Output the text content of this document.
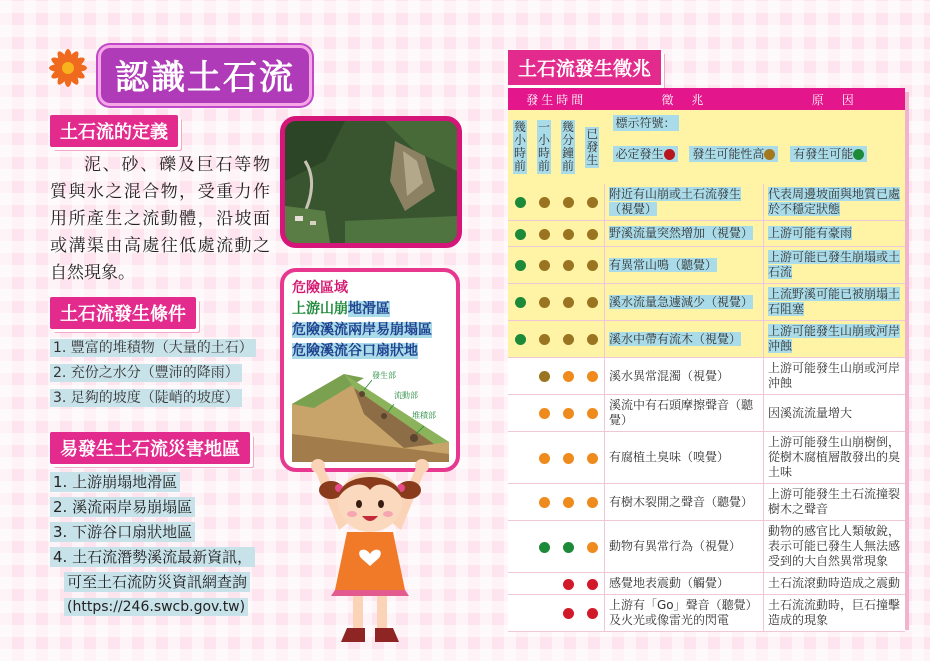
認識土石流
土石流的定義
泥、砂、礫及巨石等物質與水之混合物，受重力作用所產生之流動體，沿坡面或溝渠由高處往低處流動之自然現象。
土石流發生條件
1. 豐富的堆積物（大量的土石）
2. 充份之水分（豐沛的降雨）
3. 足夠的坡度（陡峭的坡度）
易發生土石流災害地區
1. 上游崩塌地滑區
2. 溪流兩岸易崩塌區
3. 下游谷口扇狀地區
4. 土石流潛勢溪流最新資訊，
可至土石流防災資訊網查詢
(https://246.swcb.gov.tw)
危險區域
上游山崩地滑區
危險溪流兩岸易崩塌區
危險溪流谷口扇狀地
發生部
流動部
堆積部
土石流發生徵兆
發生時間				徵　兆	原　因
幾小時前	一小時前	幾分鐘前	已發生	標示符號：
必定發生 發生可能性高 有發生可能	

				附近有山崩或土石流發生（視覺）	代表周邊坡面與地質已處於不穩定狀態
				野溪流量突然增加（視覺）	上游可能有豪雨
				有異常山鳴（聽覺）	上游可能已發生崩塌或土石流
				溪水流量急遽減少（視覺）	上流野溪可能已被崩塌土石阻塞
				溪水中帶有流木（視覺）	上游可能發生山崩或河岸沖蝕
				溪水異常混濁（視覺）	上游可能發生山崩或河岸沖蝕
				溪流中有石頭摩擦聲音（聽覺）	因溪流流量增大
				有腐植土臭味（嗅覺）	上游可能發生山崩樹倒，從樹木腐植層散發出的臭土味
				有樹木裂開之聲音（聽覺）	上游可能發生土石流撞裂樹木之聲音
				動物有異常行為（視覺）	動物的感官比人類敏銳，表示可能已發生人無法感受到的大自然異常現象
				感覺地表震動（觸覺）	土石流滾動時造成之震動
				上游有「Go」聲音（聽覺）及火光或像雷光的閃電	土石流流動時，巨石撞擊造成的現象
